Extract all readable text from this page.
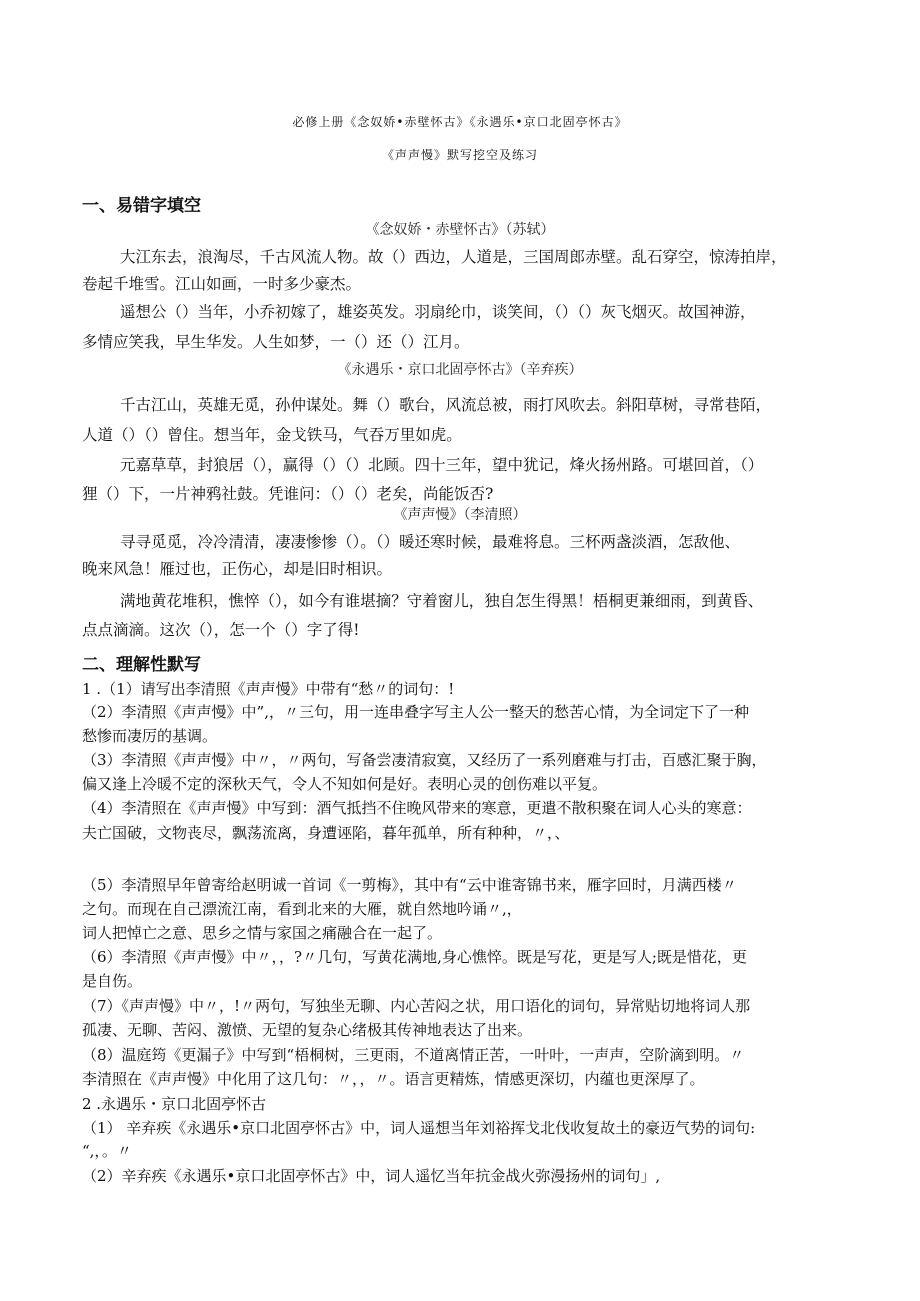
必修上册《念奴娇•赤壁怀古》《永遇乐•京口北固亭怀古》
《声声慢》默写挖空及练习
一、易错字填空
《念奴娇・赤壁怀古》（苏轼）
大江东去，浪淘尽，千古风流人物。故（）西边，人道是，三国周郎赤壁。乱石穿空，惊涛拍岸，
卷起千堆雪。江山如画，一时多少豪杰。
遥想公（）当年，小乔初嫁了，雄姿英发。羽扇纶巾，谈笑间，（）（）灰飞烟灭。故国神游，
多情应笑我，早生华发。人生如梦，一（）还（）江月。
《永遇乐・京口北固亭怀古》（辛弃疾）
千古江山，英雄无觅，孙仲谋处。舞（）歌台，风流总被，雨打风吹去。斜阳草树，寻常巷陌，
人道（）（）曾住。想当年，金戈铁马，气吞万里如虎。
元嘉草草，封狼居（），赢得（）（）北顾。四十三年，望中犹记，烽火扬州路。可堪回首，（）
狸（）下，一片神鸦社鼓。凭谁问：（）（）老矣，尚能饭否?
《声声慢》（李清照）
寻寻觅觅，冷冷清清，凄凄惨惨（）。（）暖还寒时候，最难将息。三杯两盏淡酒，怎敌他、
晚来风急！雁过也，正伤心，却是旧时相识。
满地黄花堆积，憔悴（），如今有谁堪摘？守着窗儿，独自怎生得黑！梧桐更兼细雨，到黄昏、
点点滴滴。这次（），怎一个（）字了得!
二、理解性默写
1 .（1）请写出李清照《声声慢》中带有“愁〃的词句：!
（2）李清照《声声慢》中”,，〃三句，用一连串叠字写主人公一整天的愁苦心情，为全词定下了一种
愁惨而凄厉的基调。
（3）李清照《声声慢》中〃，〃两句，写备尝凄清寂寞，又经历了一系列磨难与打击，百感汇聚于胸，
偏又逢上冷暖不定的深秋天气，令人不知如何是好。表明心灵的创伤难以平复。
（4）李清照在《声声慢》中写到：酒气抵挡不住晚风带来的寒意，更遣不散积聚在词人心头的寒意：
夫亡国破，文物丧尽，飘荡流离，身遭诬陷，暮年孤单，所有种种，〃，、
（5）李清照早年曾寄给赵明诚一首词《一剪梅》，其中有“云中谁寄锦书来，雁字回时，月满西楼〃
之句。而现在自己漂流江南，看到北来的大雁，就自然地吟诵〃,，
词人把悼亡之意、思乡之情与家国之痛融合在一起了。
（6）李清照《声声慢》中〃，，?〃几句，写黄花满地,身心憔悴。既是写花，更是写人;既是惜花，更
是自伤。
（7）《声声慢》中〃，!〃两句，写独坐无聊、内心苦闷之状，用口语化的词句，异常贴切地将词人那
孤凄、无聊、苦闷、激愤、无望的复杂心绪极其传神地表达了出来。
（8）温庭筠《更漏子》中写到“梧桐树，三更雨，不道离情正苦，一叶叶，一声声，空阶滴到明。〃
李清照在《声声慢》中化用了这几句：〃，，〃。语言更精炼，情感更深切，内蕴也更深厚了。
2 .永遇乐・京口北固亭怀古
（1） 辛弃疾《永遇乐•京口北固亭怀古》中，词人遥想当年刘裕挥戈北伐收复故土的豪迈气势的词句:
“,，。〃
（2）辛弃疾《永遇乐•京口北固亭怀古》中，词人遥忆当年抗金战火弥漫扬州的词句」,
